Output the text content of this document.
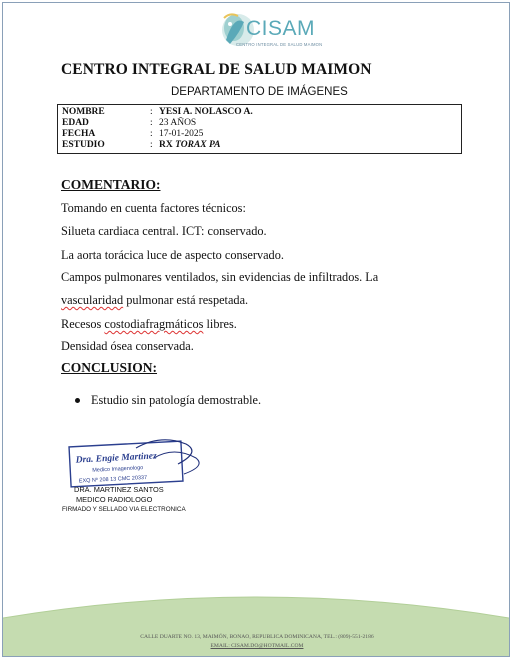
CISAM
CENTRO INTEGRAL DE SALUD MAIMON
CENTRO INTEGRAL DE SALUD MAIMON
DEPARTAMENTO DE IMÁGENES
NOMBRE	: YESI A. NOLASCO A.
EDAD	: 23 AÑOS
FECHA	: 17-01-2025
ESTUDIO	: RX TORAX PA
COMENTARIO:
Tomando en cuenta factores técnicos:
Silueta cardiaca central. ICT: conservado.
La aorta torácica luce de aspecto conservado.
Campos pulmonares ventilados, sin evidencias de infiltrados. La
vascularidad pulmonar está respetada.
Recesos costodiafragmáticos libres.
Densidad ósea conservada.
CONCLUSION:
Estudio sin patología demostrable.
Dra. Engie Martinez
Medico Imagenologo
EXQ Nº 208 13 CMC 20337
DRA. MARTINEZ SANTOS
MEDICO RADIOLOGO
FIRMADO Y SELLADO VIA ELECTRONICA
CALLE DUARTE NO. 13, MAIMÓN, BONAO, REPUBLICA DOMINICANA, TEL.: (809)-551-2186
EMAIL: CISAM.DO@HOTMAIL.COM
